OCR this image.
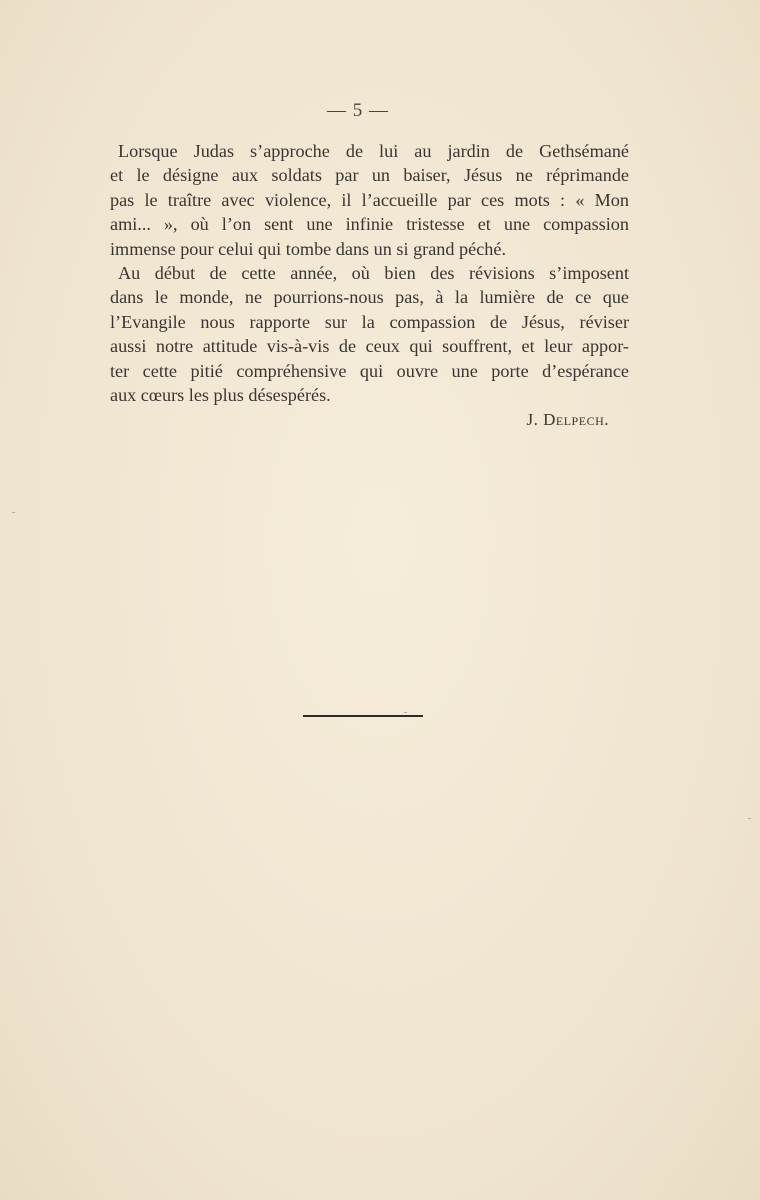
— 5 —
Lorsque Judas s’approche de lui au jardin de Gethsémané
et le désigne aux soldats par un baiser, Jésus ne réprimande
pas le traître avec violence, il l’accueille par ces mots : « Mon
ami... », où l’on sent une infinie tristesse et une compassion
immense pour celui qui tombe dans un si grand péché.
Au début de cette année, où bien des révisions s’imposent
dans le monde, ne pourrions-nous pas, à la lumière de ce que
l’Evangile nous rapporte sur la compassion de Jésus, réviser
aussi notre attitude vis-à-vis de ceux qui souffrent, et leur appor-
ter cette pitié compréhensive qui ouvre une porte d’espérance
aux cœurs les plus désespérés.
J. Delpech.
